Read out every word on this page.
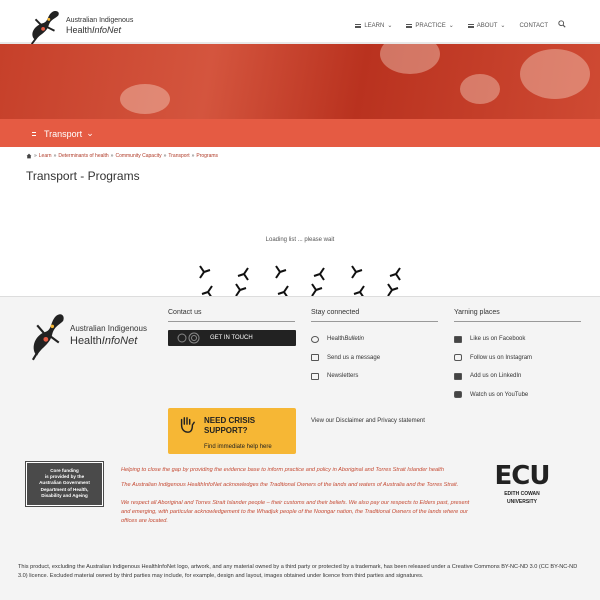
Australian Indigenous
HealthInfoNet	LEARN ⌄	PRACTICE ⌄	ABOUT ⌄ CONTACT
Transport ⌄
» Learn » Determinants of health » Community Capacity » Transport » Programs
Transport - Programs
Loading list ... please wait
Australian Indigenous
HealthInfoNet
Contact us
GET IN TOUCH
Stay connected
HealthBulletin
Send us a message
Newsletters
Yarning places
Like us on Facebook
Follow us on Instagram
Add us on LinkedIn
Watch us on YouTube
NEED CRISIS
SUPPORT?
Find immediate help here
View our Disclaimer and Privacy statement
Core funding
is provided by the
Australian Government
Department of Health,
Disability and Ageing

Helping to close the gap by providing the evidence base to inform practice and policy in Aboriginal and Torres Strait Islander health

The Australian Indigenous HealthInfoNet acknowledges the Traditional Owners of the lands and waters of Australia and the Torres Strait.

We respect all Aboriginal and Torres Strait Islander people – their customs and their beliefs. We also pay our respects to Elders past, present and emerging, with particular acknowledgement to the Whadjuk people of the Noongar nation, the Traditional Owners of the lands where our offices are located.

ECU
EDITH COWAN
UNIVERSITY
This product, excluding the Australian Indigenous HealthInfoNet logo, artwork, and any material owned by a third party or protected by a trademark, has been released under a Creative Commons BY-NC-ND 3.0 (CC BY-NC-ND 3.0) licence. Excluded material owned by third parties may include, for example, design and layout, images obtained under licence from third parties and signatures.
